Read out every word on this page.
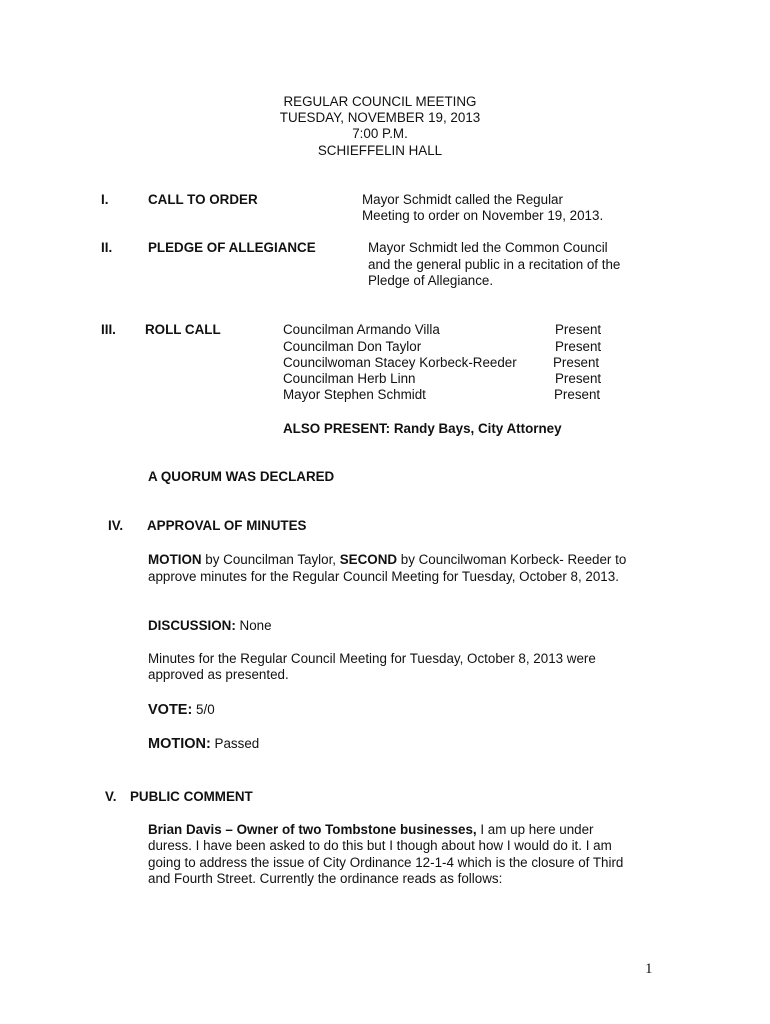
REGULAR COUNCIL MEETING
TUESDAY, NOVEMBER 19, 2013
7:00 P.M.
SCHIEFFELIN HALL
I.	CALL TO ORDER	Mayor Schmidt called the Regular
Meeting to order on November 19, 2013.
II.	PLEDGE OF ALLEGIANCE	Mayor Schmidt led the Common Council
and the general public in a recitation of the
Pledge of Allegiance.
III. ROLL CALL	Councilman Armando Villa	Present
Councilman Don Taylor	Present
Councilwoman Stacey Korbeck-Reeder	Present
Councilman Herb Linn	Present
Mayor Stephen Schmidt	Present
ALSO PRESENT: Randy Bays, City Attorney
A QUORUM WAS DECLARED
IV. APPROVAL OF MINUTES
MOTION by Councilman Taylor, SECOND by Councilwoman Korbeck- Reeder to
approve minutes for the Regular Council Meeting for Tuesday, October 8, 2013.
DISCUSSION: None
Minutes for the Regular Council Meeting for Tuesday, October 8, 2013 were
approved as presented.
VOTE: 5/0
MOTION: Passed
V. PUBLIC COMMENT
Brian Davis – Owner of two Tombstone businesses, I am up here under
duress. I have been asked to do this but I though about how I would do it. I am
going to address the issue of City Ordinance 12-1-4 which is the closure of Third
and Fourth Street. Currently the ordinance reads as follows:
1
